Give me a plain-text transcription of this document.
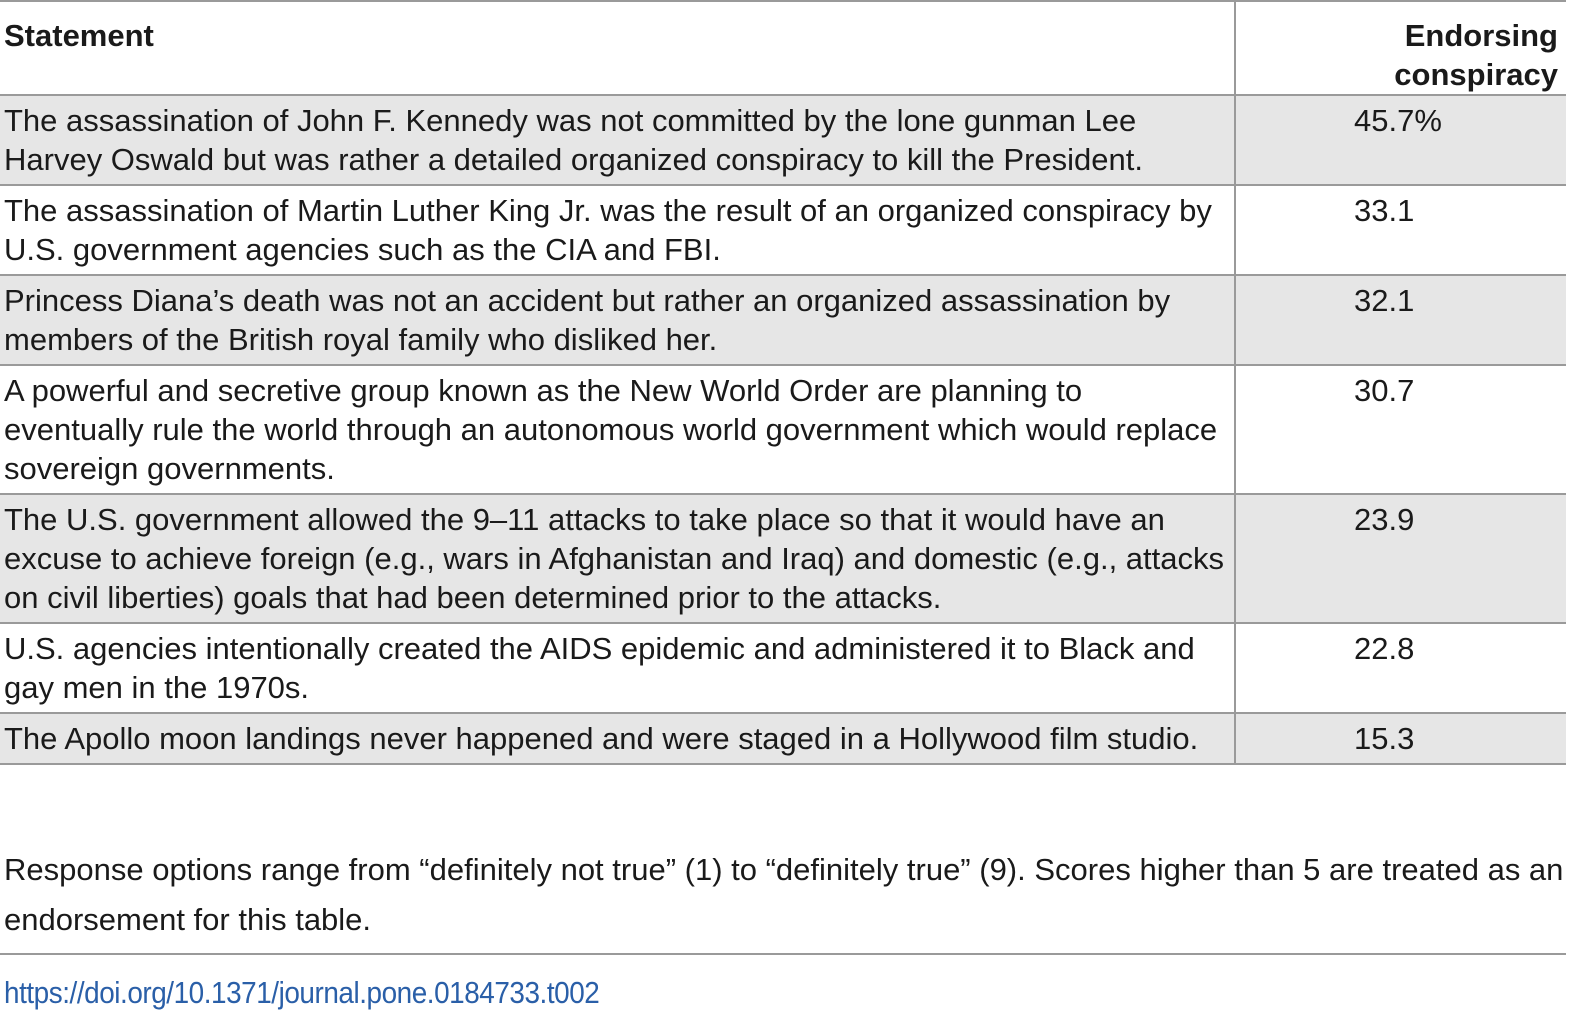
Statement	Endorsing
conspiracy
The assassination of John F. Kennedy was not committed by the lone gunman Lee Harvey Oswald but was rather a detailed organized conspiracy to kill the President.	45.7%
The assassination of Martin Luther King Jr. was the result of an organized conspiracy by U.S. government agencies such as the CIA and FBI.	33.1
Princess Diana’s death was not an accident but rather an organized assassination by members of the British royal family who disliked her.	32.1
A powerful and secretive group known as the New World Order are planning to eventually rule the world through an autonomous world government which would replace sovereign governments.	30.7
The U.S. government allowed the 9–11 attacks to take place so that it would have an excuse to achieve foreign (e.g., wars in Afghanistan and Iraq) and domestic (e.g., attacks on civil liberties) goals that had been determined prior to the attacks.	23.9
U.S. agencies intentionally created the AIDS epidemic and administered it to Black and gay men in the 1970s.	22.8
The Apollo moon landings never happened and were staged in a Hollywood film studio.	15.3
Response options range from “definitely not true” (1) to “definitely true” (9). Scores higher than 5 are treated as an endorsement for this table.
https://doi.org/10.1371/journal.pone.0184733.t002
